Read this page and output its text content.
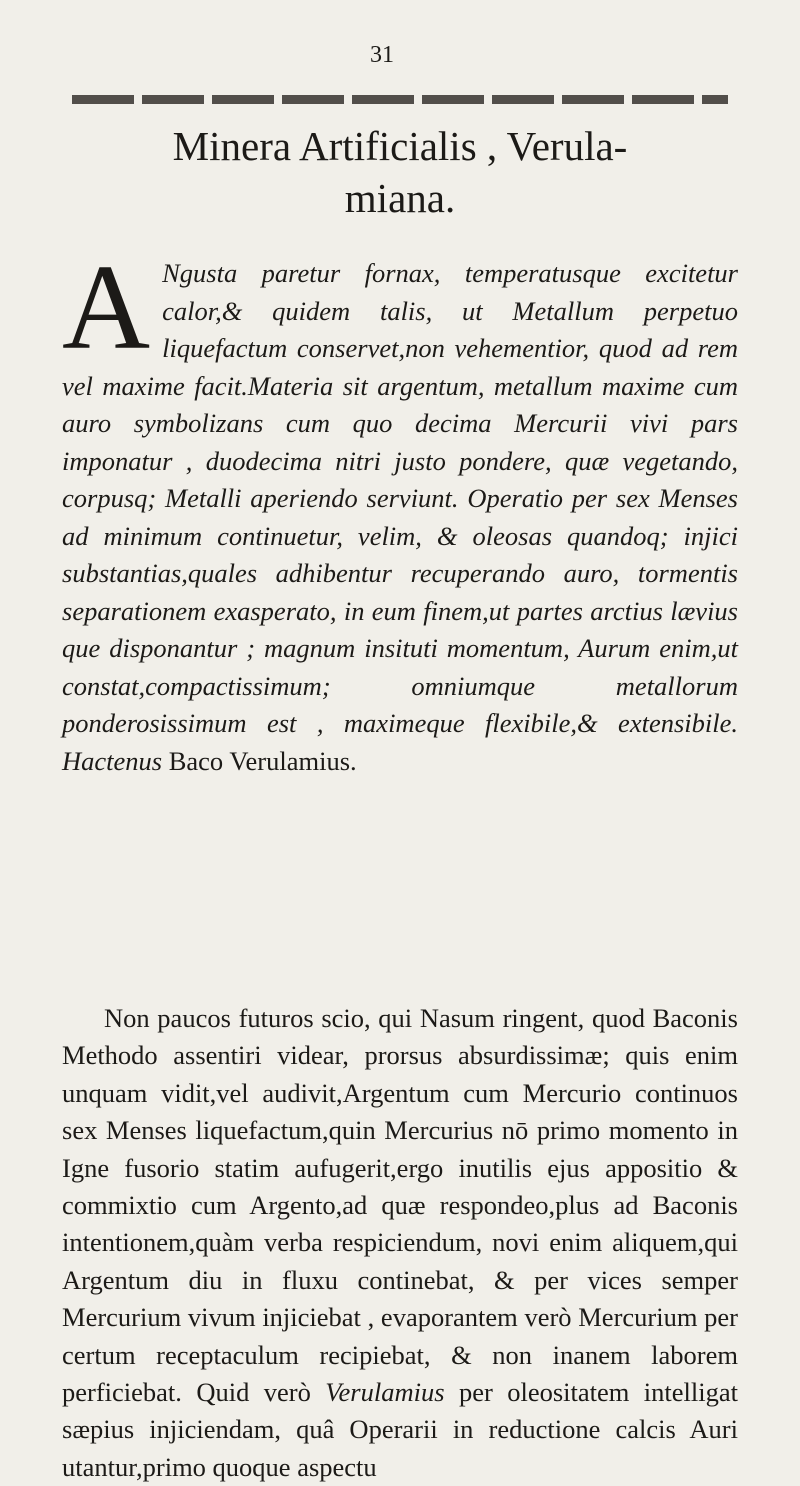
31
Minera Artificialis , Verula-
miana.
A Ngusta paretur fornax, temperatusque excitetur calor,& quidem talis, ut Metallum perpetuo liquefactum conservet,non vehementior, quod ad rem vel maxime facit.Materia sit argentum, metallum maxime cum auro symbolizans cum quo decima Mercurii vivi pars imponatur , duodecima nitri justo pondere, quæ vegetando, corpusq; Metalli aperiendo serviunt. Operatio per sex Menses ad minimum continuetur, velim, & oleosas quandoq; injici substantias,quales adhibentur recuperando auro, tormentis separationem exasperato, in eum finem,ut partes arctius lævius que disponantur ; magnum insituti momentum, Aurum enim,ut constat,compactissimum; omniumque metallorum ponderosissimum est , maximeque flexibile,& extensibile. Hactenus Baco Verulamius.
Non paucos futuros scio, qui Nasum ringent, quod Baconis Methodo assentiri videar, prorsus absurdissimæ; quis enim unquam vidit,vel audivit,Argentum cum Mercurio continuos sex Menses liquefactum,quin Mercurius nō primo momento in Igne fusorio statim aufugerit,ergo inutilis ejus appositio & commixtio cum Argento,ad quæ respondeo,plus ad Baconis intentionem,quàm verba respiciendum, novi enim aliquem,qui Argentum diu in fluxu continebat, & per vices semper Mercurium vivum injiciebat , evaporantem verò Mercurium per certum receptaculum recipiebat, & non inanem laborem perficiebat. Quid verò Verulamius per oleositatem intelligat sæpius injiciendam, quâ Operarii in reductione calcis Auri utantur,primo quoque aspectu
